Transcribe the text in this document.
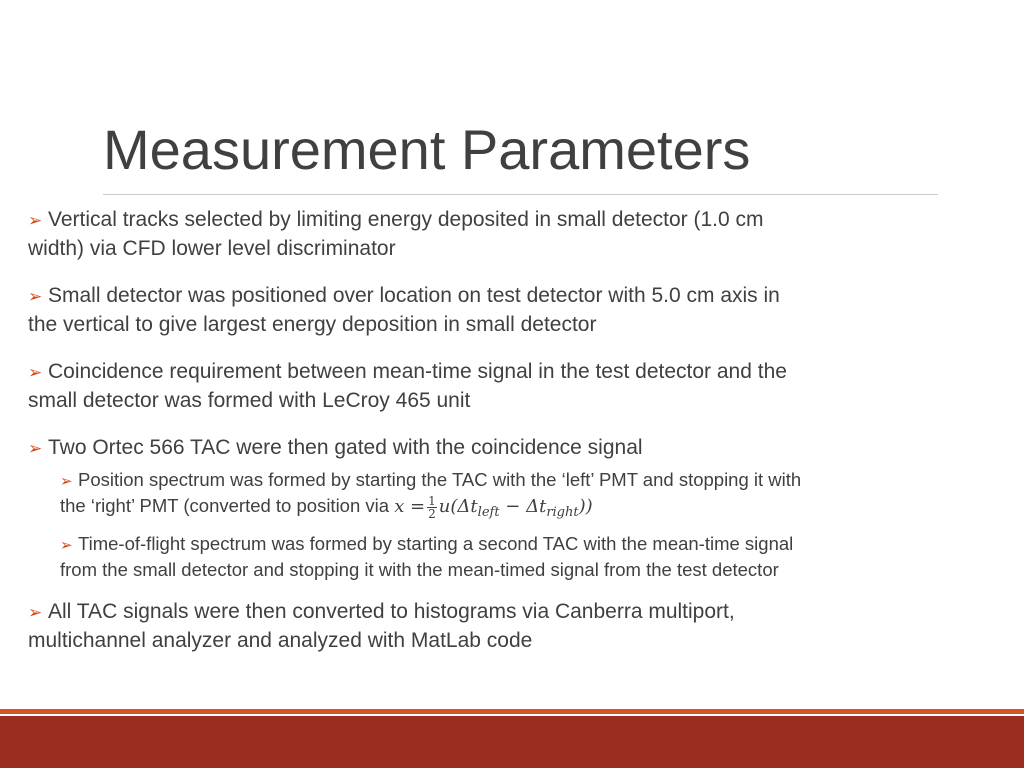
Measurement Parameters
➢ Vertical tracks selected by limiting energy deposited in small detector (1.0 cm
width) via CFD lower level discriminator
➢ Small detector was positioned over location on test detector with 5.0 cm axis in
the vertical to give largest energy deposition in small detector
➢ Coincidence requirement between mean-time signal in the test detector and the
small detector was formed with LeCroy 465 unit
➢ Two Ortec 566 TAC were then gated with the coincidence signal
➢ Position spectrum was formed by starting the TAC with the ‘left’ PMT and stopping it with
the ‘right’ PMT (converted to position via $x = \frac{1}{2} u(\Delta t_{left} - \Delta t_{right})$)
➢ Time-of-flight spectrum was formed by starting a second TAC with the mean-time signal
from the small detector and stopping it with the mean-timed signal from the test detector
➢ All TAC signals were then converted to histograms via Canberra multiport,
multichannel analyzer and analyzed with MatLab code
